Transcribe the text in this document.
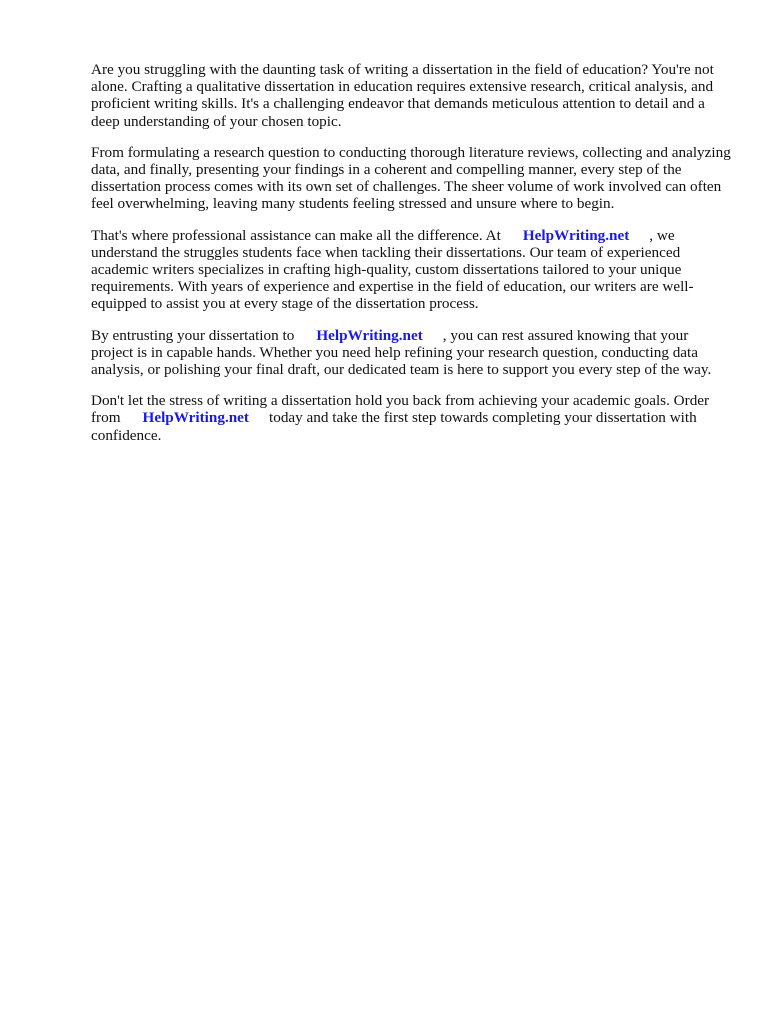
Are you struggling with the daunting task of writing a dissertation in the field of education? You're not alone. Crafting a qualitative dissertation in education requires extensive research, critical analysis, and proficient writing skills. It's a challenging endeavor that demands meticulous attention to detail and a deep understanding of your chosen topic.

From formulating a research question to conducting thorough literature reviews, collecting and analyzing data, and finally, presenting your findings in a coherent and compelling manner, every step of the dissertation process comes with its own set of challenges. The sheer volume of work involved can often feel overwhelming, leaving many students feeling stressed and unsure where to begin.

That's where professional assistance can make all the difference. At HelpWriting.net , we understand the struggles students face when tackling their dissertations. Our team of experienced academic writers specializes in crafting high-quality, custom dissertations tailored to your unique requirements. With years of experience and expertise in the field of education, our writers are well-equipped to assist you at every stage of the dissertation process.

By entrusting your dissertation to HelpWriting.net , you can rest assured knowing that your project is in capable hands. Whether you need help refining your research question, conducting data analysis, or polishing your final draft, our dedicated team is here to support you every step of the way.

Don't let the stress of writing a dissertation hold you back from achieving your academic goals. Order from HelpWriting.net today and take the first step towards completing your dissertation with confidence.
